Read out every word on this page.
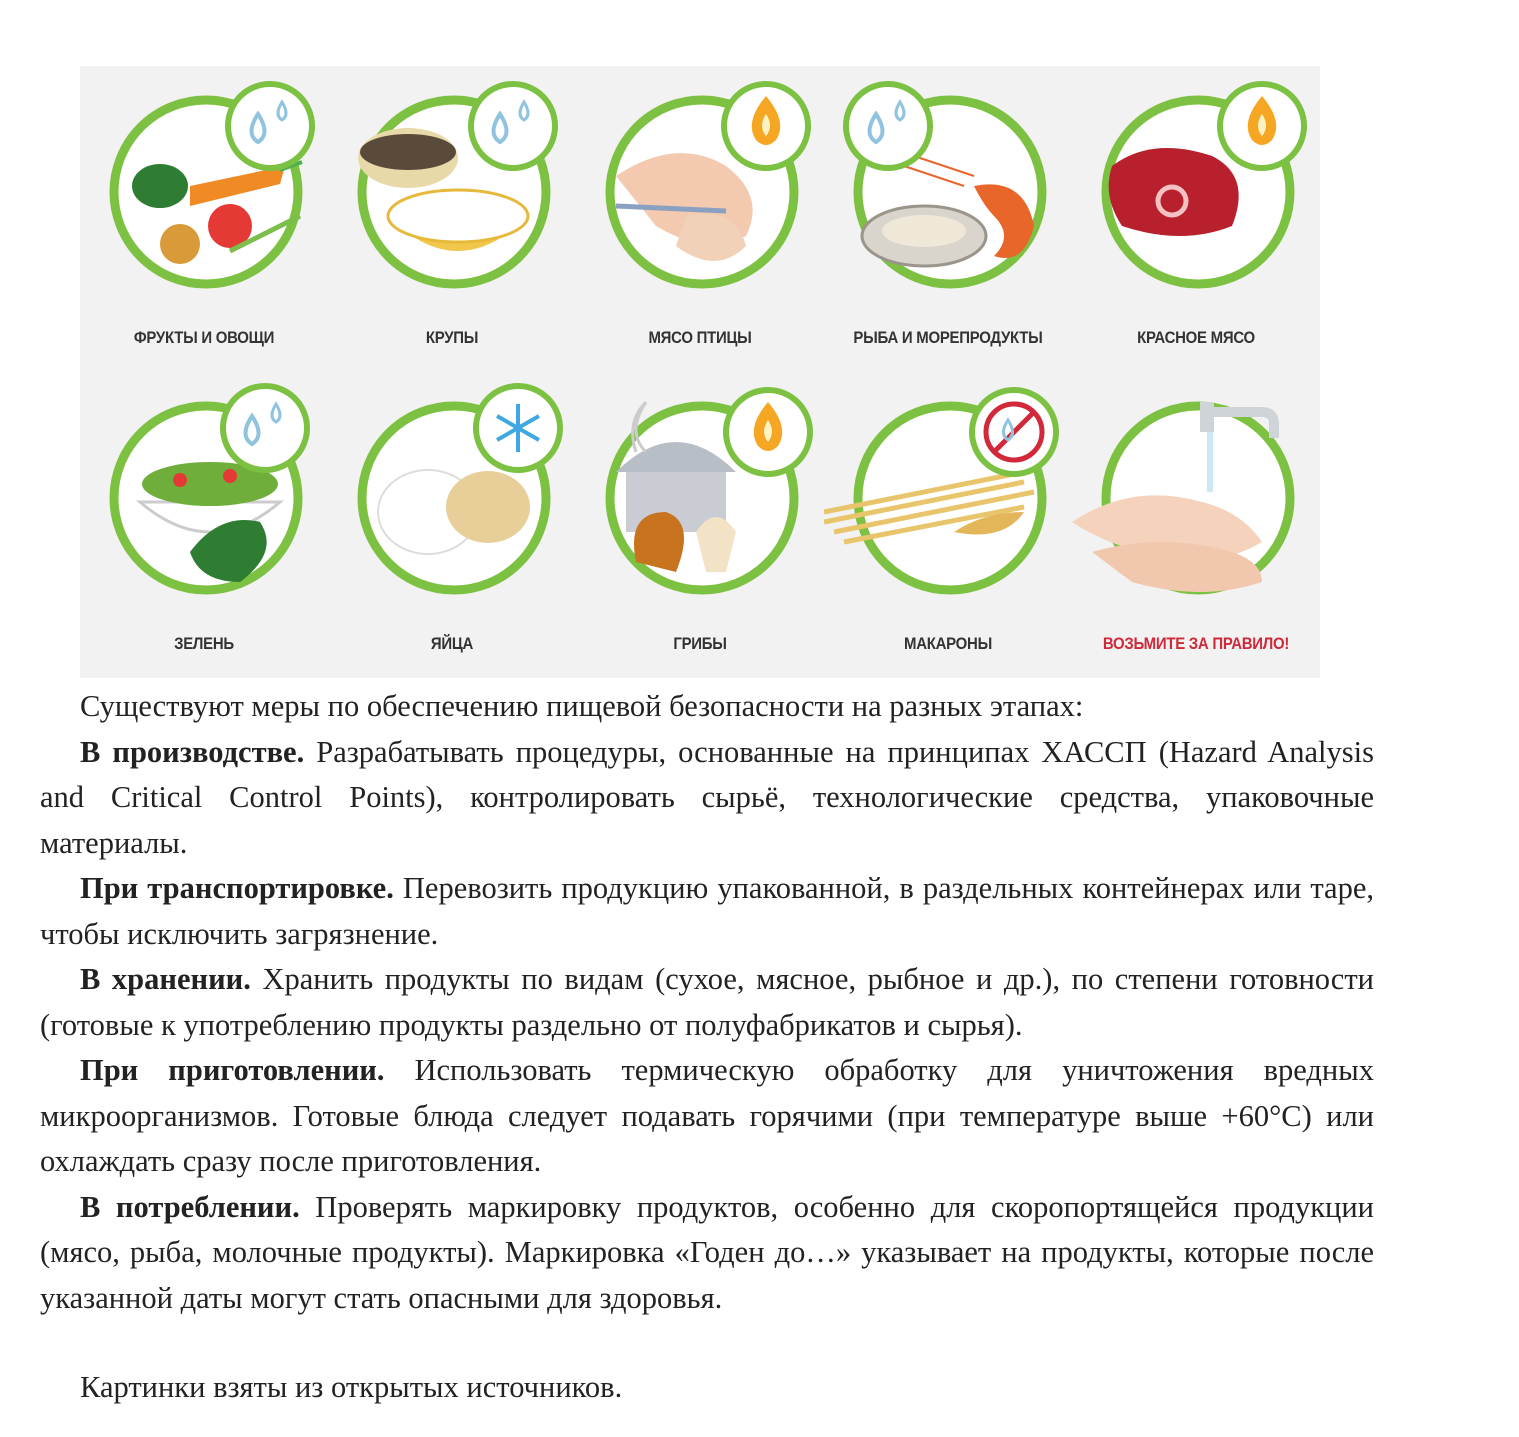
ФРУКТЫ И ОВОЩИ	КРУПЫ	МЯСО ПТИЦЫ	РЫБА И МОРЕПРОДУКТЫ	КРАСНОЕ МЯСО
ЗЕЛЕНЬ	ЯЙЦА	ГРИБЫ	МАКАРОНЫ	ВОЗЬМИТЕ ЗА ПРАВИЛО!

Существуют меры по обеспечению пищевой безопасности на разных этапах:

В производстве. Разрабатывать процедуры, основанные на принципах ХАССП (Hazard Analysis and Critical Control Points), контролировать сырьё, технологические средства, упаковочные материалы.

При транспортировке. Перевозить продукцию упакованной, в раздельных контейнерах или таре, чтобы исключить загрязнение.

В хранении. Хранить продукты по видам (сухое, мясное, рыбное и др.), по степени готовности (готовые к употреблению продукты раздельно от полуфабрикатов и сырья).

При приготовлении. Использовать термическую обработку для уничтожения вредных микроорганизмов. Готовые блюда следует подавать горячими (при температуре выше +60°C) или охлаждать сразу после приготовления.

В потреблении. Проверять маркировку продуктов, особенно для скоропортящейся продукции (мясо, рыба, молочные продукты). Маркировка «Годен до…» указывает на продукты, которые после указанной даты могут стать опасными для здоровья.

Картинки взяты из открытых источников.
